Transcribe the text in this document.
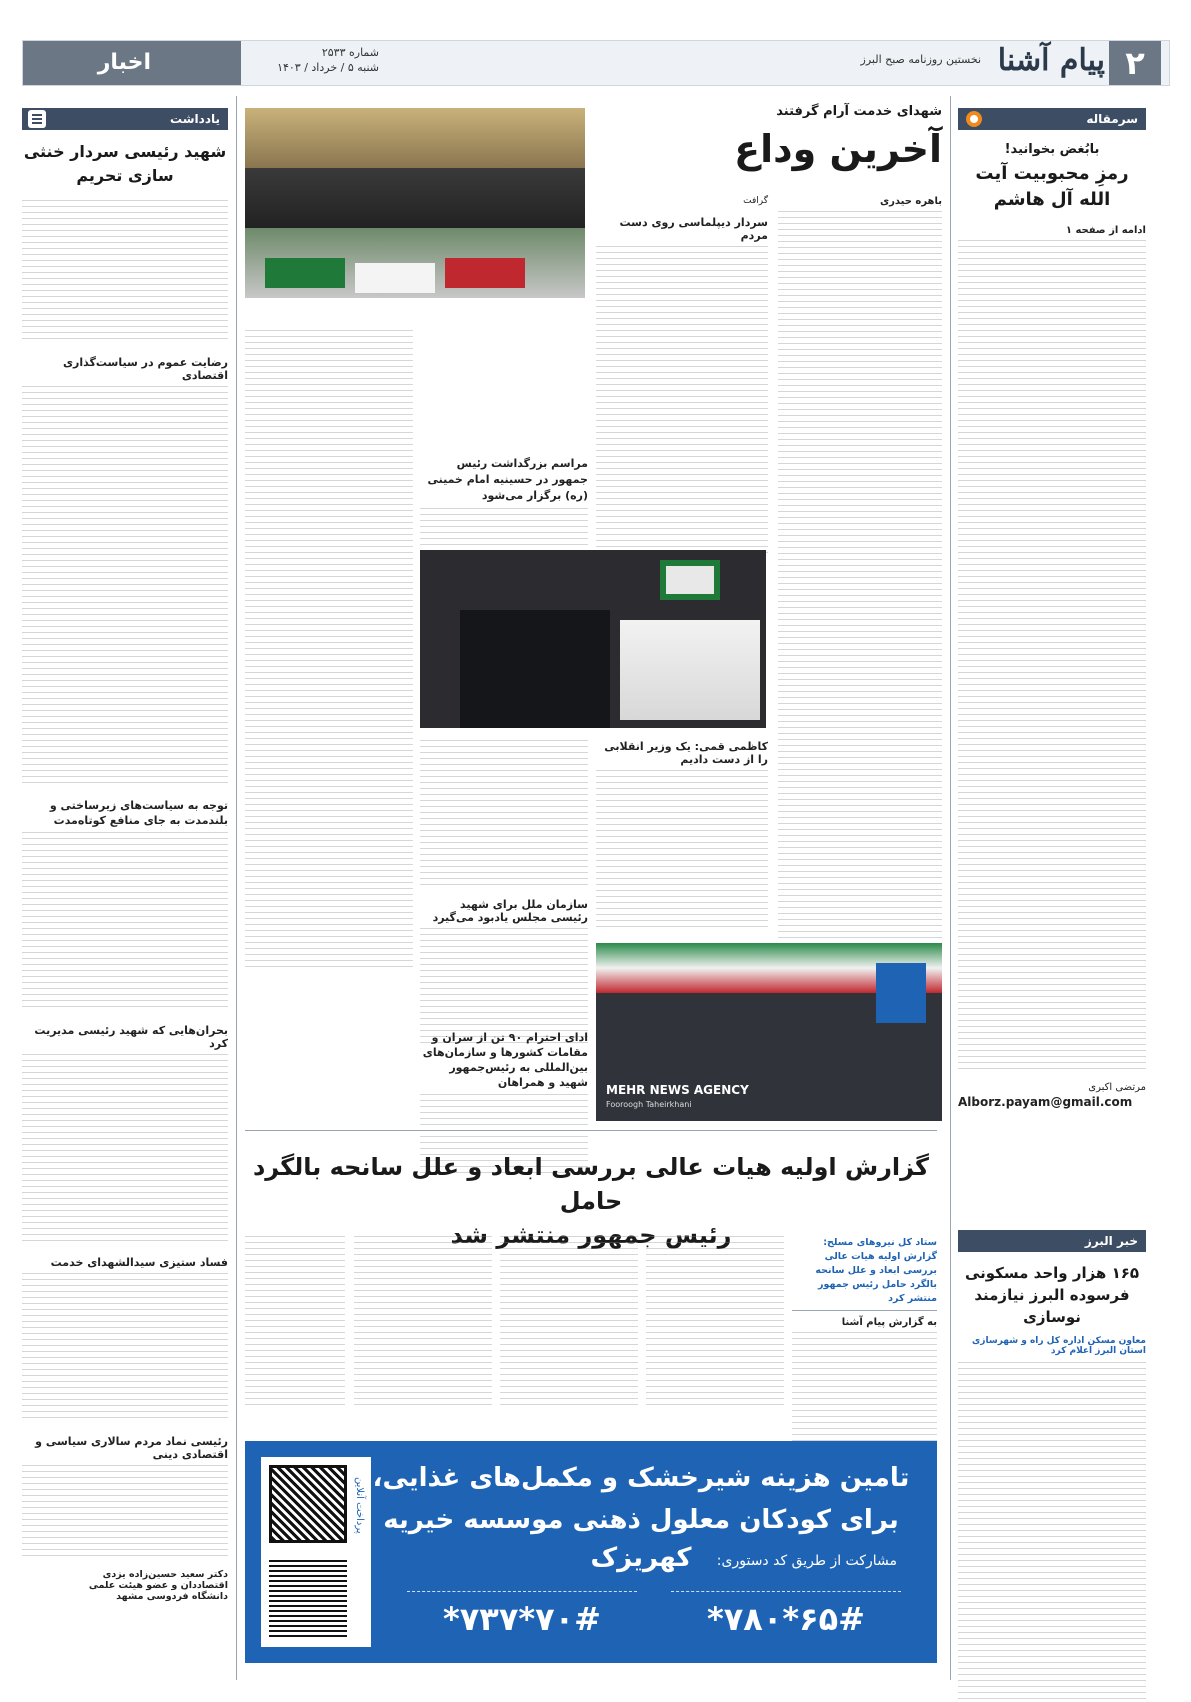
۲
پیام آشنا
نخستین روزنامه صبح البرز
شماره ۲۵۳۳
شنبه ۵ / خرداد / ۱۴۰۳
اخبار
سرمقاله
بابُغض بخوانید!
رمزِ محبوبیت آیت الله آل هاشم
ادامه از صفحه ۱
مرتضی اکبری
Alborz.payam@gmail.com
خبر البرز
۱۶۵ هزار واحد مسکونی فرسوده البرز نیازمند نوسازی
معاون مسکن اداره کل راه و شهرسازی استان البرز اعلام کرد
شهدای خدمت آرام گرفتند
آخرین وداع
باهره حیدری
گرافت
سردار دیپلماسی روی دست مردم
مراسم بزرگداشت رئیس جمهور در حسینیه امام خمینی (ره) برگزار می‌شود
کاظمی قمی: یک وزیر انقلابی را از دست دادیم
سازمان ملل برای شهید رئیسی مجلس یادبود می‌گیرد
MEHR NEWS AGENCY
Fooroogh Taheirkhani
ادای احترام ۹۰ تن از سران و مقامات کشورها و سازمان‌های بین‌المللی به رئیس‌جمهور شهید و همراهان
گزارش اولیه هیات عالی بررسی ابعاد و علل سانحه بالگرد حامل
رئیس جمهور منتشر شد	ستاد کل نیروهای مسلح: گزارش اولیه هیات عالی بررسی ابعاد و علل سانحه بالگرد حامل رئیس جمهور منتشر کرد
به گزارش پیام آشنا
تامین هزینه شیرخشک و مکمل‌های غذایی،
برای کودکان معلول ذهنی موسسه خیریه کهریزک	مشارکت از طریق کد دستوری:
*۷۸۰*۶۵#
*۷۳۷*۷۰#
پرداخت آنلاین
یادداشت
شهید رئیسی سردار خنثی سازی تحریم
رضایت عموم در سیاست‌گذاری اقتصادی
توجه به سیاست‌های زیرساختی و بلندمدت به جای منافع کوتاه‌مدت
بحران‌هایی که شهید رئیسی مدیریت کرد
فساد ستیزی سیدالشهدای خدمت
رئیسی نماد مردم سالاری سیاسی و اقتصادی دینی
دکتر سعید حسین‌زاده یزدی
اقتصاددان و عضو هیئت علمی
دانشگاه فردوسی مشهد
